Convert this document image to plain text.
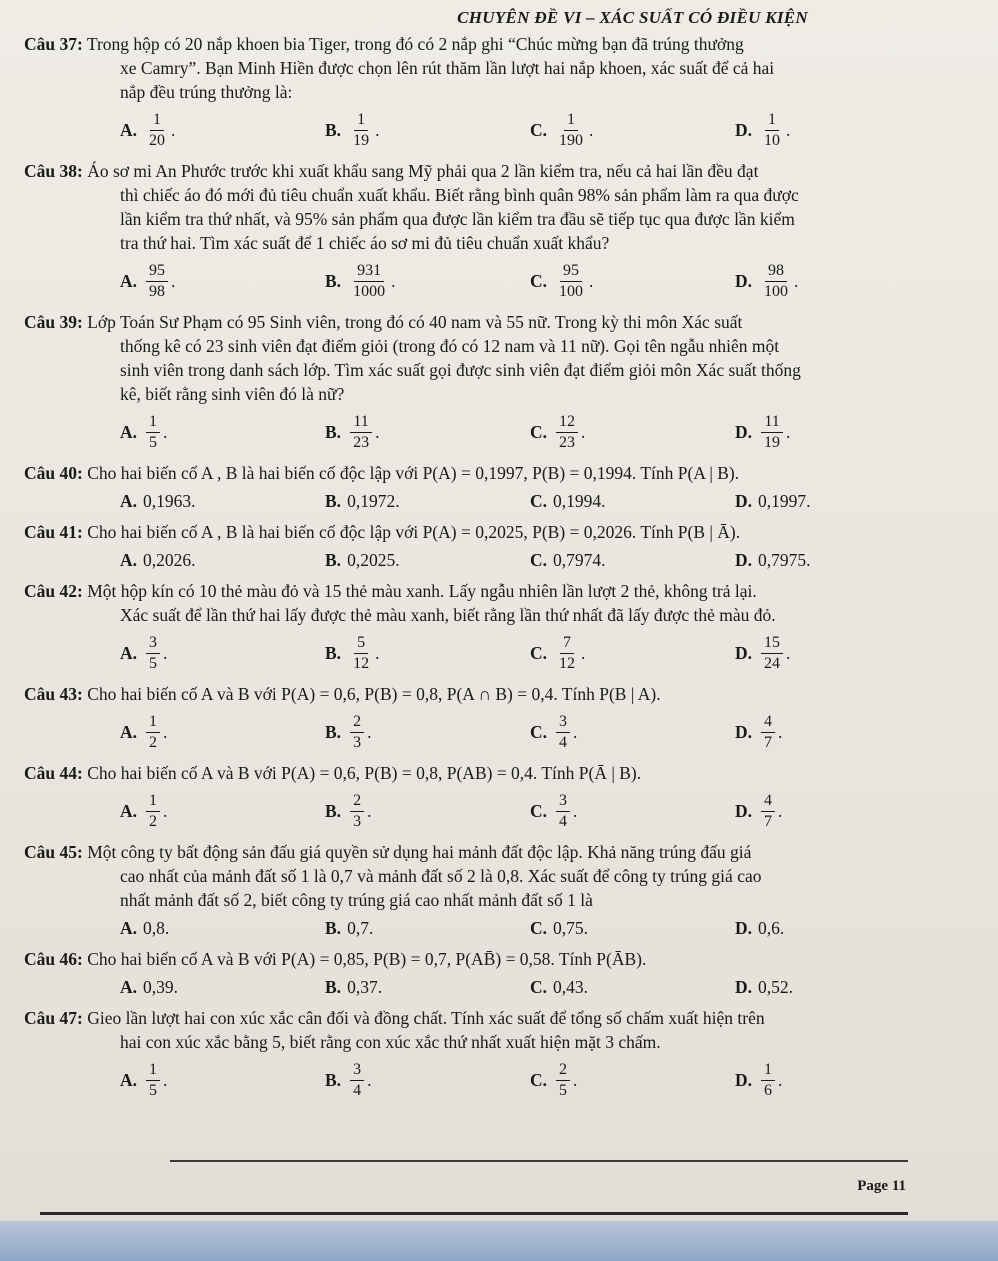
CHUYÊN ĐỀ VI – XÁC SUẤT CÓ ĐIỀU KIỆN
Câu 37: Trong hộp có 20 nắp khoen bia Tiger, trong đó có 2 nắp ghi “Chúc mừng bạn đã trúng thưởng
xe Camry”. Bạn Minh Hiền được chọn lên rút thăm lần lượt hai nắp khoen, xác suất để cả hai
nắp đều trúng thưởng là:
A. $\frac{1}{20}$ .	B. $\frac{1}{19}$ .	C. $\frac{1}{190}$ .	D. $\frac{1}{10}$ .
Câu 38: Áo sơ mi An Phước trước khi xuất khẩu sang Mỹ phải qua 2 lần kiểm tra, nếu cả hai lần đều đạt
thì chiếc áo đó mới đủ tiêu chuẩn xuất khẩu. Biết rằng bình quân 98% sản phẩm làm ra qua được
lần kiểm tra thứ nhất, và 95% sản phẩm qua được lần kiểm tra đầu sẽ tiếp tục qua được lần kiểm
tra thứ hai. Tìm xác suất để 1 chiếc áo sơ mi đủ tiêu chuẩn xuất khẩu?
A. $\frac{95}{98}$ .	B. $\frac{931}{1000}$ .	C. $\frac{95}{100}$ .	D. $\frac{98}{100}$ .
Câu 39: Lớp Toán Sư Phạm có 95 Sinh viên, trong đó có 40 nam và 55 nữ. Trong kỳ thi môn Xác suất
thống kê có 23 sinh viên đạt điểm giỏi (trong đó có 12 nam và 11 nữ). Gọi tên ngẫu nhiên một
sinh viên trong danh sách lớp. Tìm xác suất gọi được sinh viên đạt điểm giỏi môn Xác suất thống
kê, biết rằng sinh viên đó là nữ?
A. $\frac{1}{5}$ .	B. $\frac{11}{23}$ .	C. $\frac{12}{23}$ .	D. $\frac{11}{19}$ .
Câu 40: Cho hai biến cố A , B là hai biến cố độc lập với P(A) = 0,1997, P(B) = 0,1994. Tính P(A | B).
A. 0,1963.	B. 0,1972.	C. 0,1994.	D. 0,1997.
Câu 41: Cho hai biến cố A , B là hai biến cố độc lập với P(A) = 0,2025, P(B) = 0,2026. Tính P(B | Ā).
A. 0,2026.	B. 0,2025.	C. 0,7974.	D. 0,7975.
Câu 42: Một hộp kín có 10 thẻ màu đỏ và 15 thẻ màu xanh. Lấy ngẫu nhiên lần lượt 2 thẻ, không trả lại.
Xác suất để lần thứ hai lấy được thẻ màu xanh, biết rằng lần thứ nhất đã lấy được thẻ màu đỏ.
A. $\frac{3}{5}$ .	B. $\frac{5}{12}$ .	C. $\frac{7}{12}$ .	D. $\frac{15}{24}$ .
Câu 43: Cho hai biến cố A và B với P(A) = 0,6, P(B) = 0,8, P(A ∩ B) = 0,4. Tính P(B | A).
A. $\frac{1}{2}$ .	B. $\frac{2}{3}$ .	C. $\frac{3}{4}$ .	D. $\frac{4}{7}$ .
Câu 44: Cho hai biến cố A và B với P(A) = 0,6, P(B) = 0,8, P(AB) = 0,4. Tính P(Ā | B).
A. $\frac{1}{2}$ .	B. $\frac{2}{3}$ .	C. $\frac{3}{4}$ .	D. $\frac{4}{7}$ .
Câu 45: Một công ty bất động sản đấu giá quyền sử dụng hai mảnh đất độc lập. Khả năng trúng đấu giá
cao nhất của mảnh đất số 1 là 0,7 và mảnh đất số 2 là 0,8. Xác suất để công ty trúng giá cao
nhất mảnh đất số 2, biết công ty trúng giá cao nhất mảnh đất số 1 là
A. 0,8.	B. 0,7.	C. 0,75.	D. 0,6.
Câu 46: Cho hai biến cố A và B với P(A) = 0,85, P(B) = 0,7, P(AB̄) = 0,58. Tính P(ĀB).
A. 0,39.	B. 0,37.	C. 0,43.	D. 0,52.
Câu 47: Gieo lần lượt hai con xúc xắc cân đối và đồng chất. Tính xác suất để tổng số chấm xuất hiện trên
hai con xúc xắc bằng 5, biết rằng con xúc xắc thứ nhất xuất hiện mặt 3 chấm.
A. $\frac{1}{5}$ .	B. $\frac{3}{4}$ .	C. $\frac{2}{5}$ .	D. $\frac{1}{6}$ .
Page 11
